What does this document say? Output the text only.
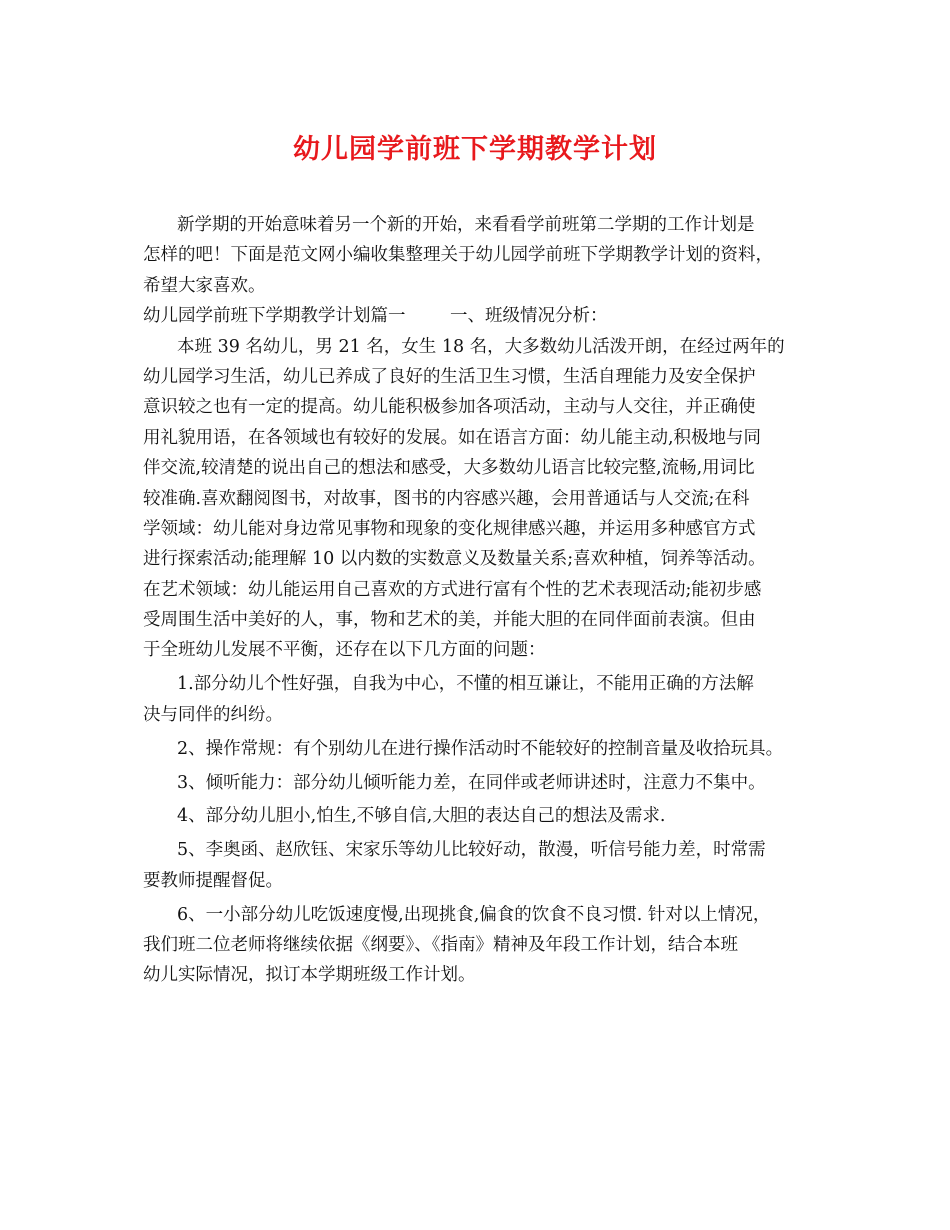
幼儿园学前班下学期教学计划
新学期的开始意味着另一个新的开始，来看看学前班第二学期的工作计划是
怎样的吧！下面是范文网小编收集整理关于幼儿园学前班下学期教学计划的资料，
希望大家喜欢。
幼儿园学前班下学期教学计划篇一        一、班级情况分析：
本班 39 名幼儿，男 21 名，女生 18 名，大多数幼儿活泼开朗，在经过两年的
幼儿园学习生活，幼儿已养成了良好的生活卫生习惯，生活自理能力及安全保护
意识较之也有一定的提高。幼儿能积极参加各项活动，主动与人交往，并正确使
用礼貌用语，在各领域也有较好的发展。如在语言方面：幼儿能主动,积极地与同
伴交流,较清楚的说出自己的想法和感受，大多数幼儿语言比较完整,流畅,用词比
较准确.喜欢翻阅图书，对故事，图书的内容感兴趣，会用普通话与人交流;在科
学领域：幼儿能对身边常见事物和现象的变化规律感兴趣，并运用多种感官方式
进行探索活动;能理解 10 以内数的实数意义及数量关系;喜欢种植，饲养等活动。
在艺术领域：幼儿能运用自己喜欢的方式进行富有个性的艺术表现活动;能初步感
受周围生活中美好的人，事，物和艺术的美，并能大胆的在同伴面前表演。但由
于全班幼儿发展不平衡，还存在以下几方面的问题：
1.部分幼儿个性好强，自我为中心，不懂的相互谦让，不能用正确的方法解
决与同伴的纠纷。
2、操作常规：有个别幼儿在进行操作活动时不能较好的控制音量及收拾玩具。
3、倾听能力：部分幼儿倾听能力差，在同伴或老师讲述时，注意力不集中。
4、部分幼儿胆小,怕生,不够自信,大胆的表达自己的想法及需求.
5、李奥函、赵欣钰、宋家乐等幼儿比较好动，散漫，听信号能力差，时常需
要教师提醒督促。
6、一小部分幼儿吃饭速度慢,出现挑食,偏食的饮食不良习惯. 针对以上情况，
我们班二位老师将继续依据《纲要》、《指南》精神及年段工作计划，结合本班
幼儿实际情况，拟订本学期班级工作计划。
